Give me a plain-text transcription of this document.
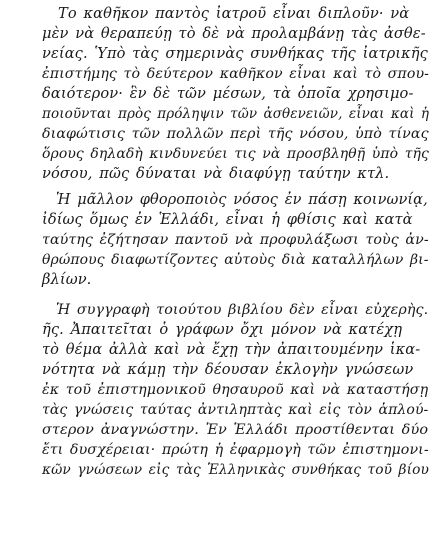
Το καθῆκον παντὸς ἰατροῦ εἶναι διπλοῦν· νὰ
μὲν νὰ θεραπεύῃ τὸ δὲ νὰ προλαμβάνῃ τὰς ἀσθε-
νείας. Ὑπὸ τὰς σημερινὰς συνθήκας τῆς ἰατρικῆς
ἐπιστήμης τὸ δεύτερον καθῆκον εἶναι καὶ τὸ σπου-
δαιότερον· ἓν δὲ τῶν μέσων, τὰ ὁποῖα χρησιμο-
ποιοῦνται πρὸς πρόληψιν τῶν ἀσθενειῶν, εἶναι καὶ ἡ
διαφώτισις τῶν πολλῶν περὶ τῆς νόσου, ὑπὸ τίνας
ὅρους δηλαδὴ κινδυνεύει τις νὰ προσβληθῇ ὑπὸ τῆς
νόσου, πῶς δύναται νὰ διαφύγῃ ταύτην κτλ.
Ἡ μᾶλλον φθοροποιὸς νόσος ἐν πάσῃ κοινωνίᾳ,
ἰδίως ὅμως ἐν Ἑλλάδι, εἶναι ἡ φθίσις καὶ κατὰ
ταύτης ἐζήτησαν παντοῦ νὰ προφυλάξωσι τοὺς ἀν-
θρώπους διαφωτίζοντες αὐτοὺς διὰ καταλλήλων βι-
βλίων.
Ἡ συγγραφὴ τοιούτου βιβλίου δὲν εἶναι εὐχερὴς.
ῆς. Ἀπαιτεῖται ὁ γράφων ὄχι μόνον νὰ κατέχῃ
τὸ θέμα ἀλλὰ καὶ νὰ ἔχῃ τὴν ἀπαιτουμένην ἱκα-
νότητα νὰ κάμῃ τὴν δέουσαν ἐκλογὴν γνώσεων
ἐκ τοῦ ἐπιστημονικοῦ θησαυροῦ καὶ νὰ καταστήσῃ
τὰς γνώσεις ταύτας ἀντιληπτὰς καὶ εἰς τὸν ἁπλού-
στερον ἀναγνώστην. Ἐν Ἑλλάδι προστίθενται δύο
ἔτι δυσχέρειαι· πρώτη ἡ ἐφαρμογὴ τῶν ἐπιστημονι-
κῶν γνώσεων εἰς τὰς Ἑλληνικὰς συνθήκας τοῦ βίου
